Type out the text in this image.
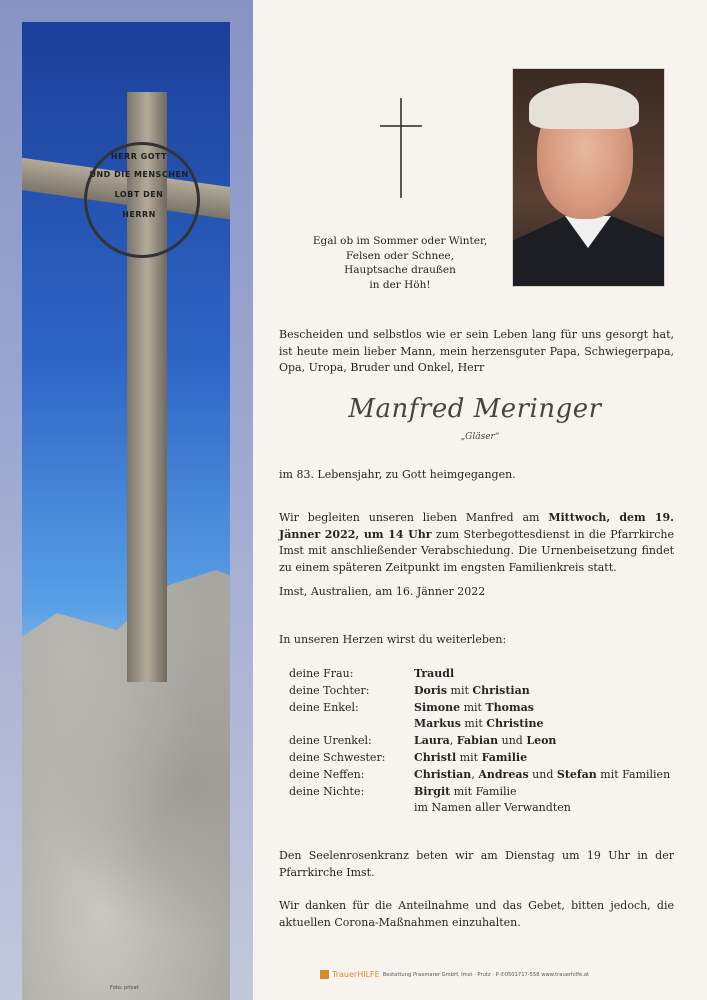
HERR GOTT
UND DIE MENSCHEN
LOBT DEN
HERRN
Foto: privat
Egal ob im Sommer oder Winter,
Felsen oder Schnee,
Hauptsache draußen
in der Höh!
Bescheiden und selbstlos wie er sein Leben lang für uns gesorgt hat, ist heute mein lieber Mann, mein herzensguter Papa, Schwiegerpapa, Opa, Uropa, Bruder und Onkel, Herr
Manfred Meringer
„Gläser“
im 83. Lebensjahr, zu Gott heimgegangen.
Wir begleiten unseren lieben Manfred am Mittwoch, dem 19. Jänner 2022, um 14 Uhr zum Sterbegottesdienst in die Pfarrkirche Imst mit anschließender Verabschiedung. Die Urnenbeisetzung findet zu einem späteren Zeitpunkt im engsten Familienkreis statt.
Imst, Australien, am 16. Jänner 2022
In unseren Herzen wirst du weiterleben:
deine Frau:	Traudl
deine Tochter:	Doris mit Christian
deine Enkel:	Simone mit Thomas
Markus mit Christine
deine Urenkel:	Laura, Fabian und Leon
deine Schwester:	Christl mit Familie
deine Neffen:	Christian, Andreas und Stefan mit Familien
deine Nichte:	Birgit mit Familie
im Namen aller Verwandten
Den Seelenrosenkranz beten wir am Dienstag um 19 Uhr in der Pfarrkirche Imst.
Wir danken für die Anteilnahme und das Gebet, bitten jedoch, die aktuellen Corona-Maßnahmen einzuhalten.
TrauerHILFE Bestattung Praxmarer GmbH, Imst · Prutz · P ✆0501717-558 www.trauerhilfe.at
